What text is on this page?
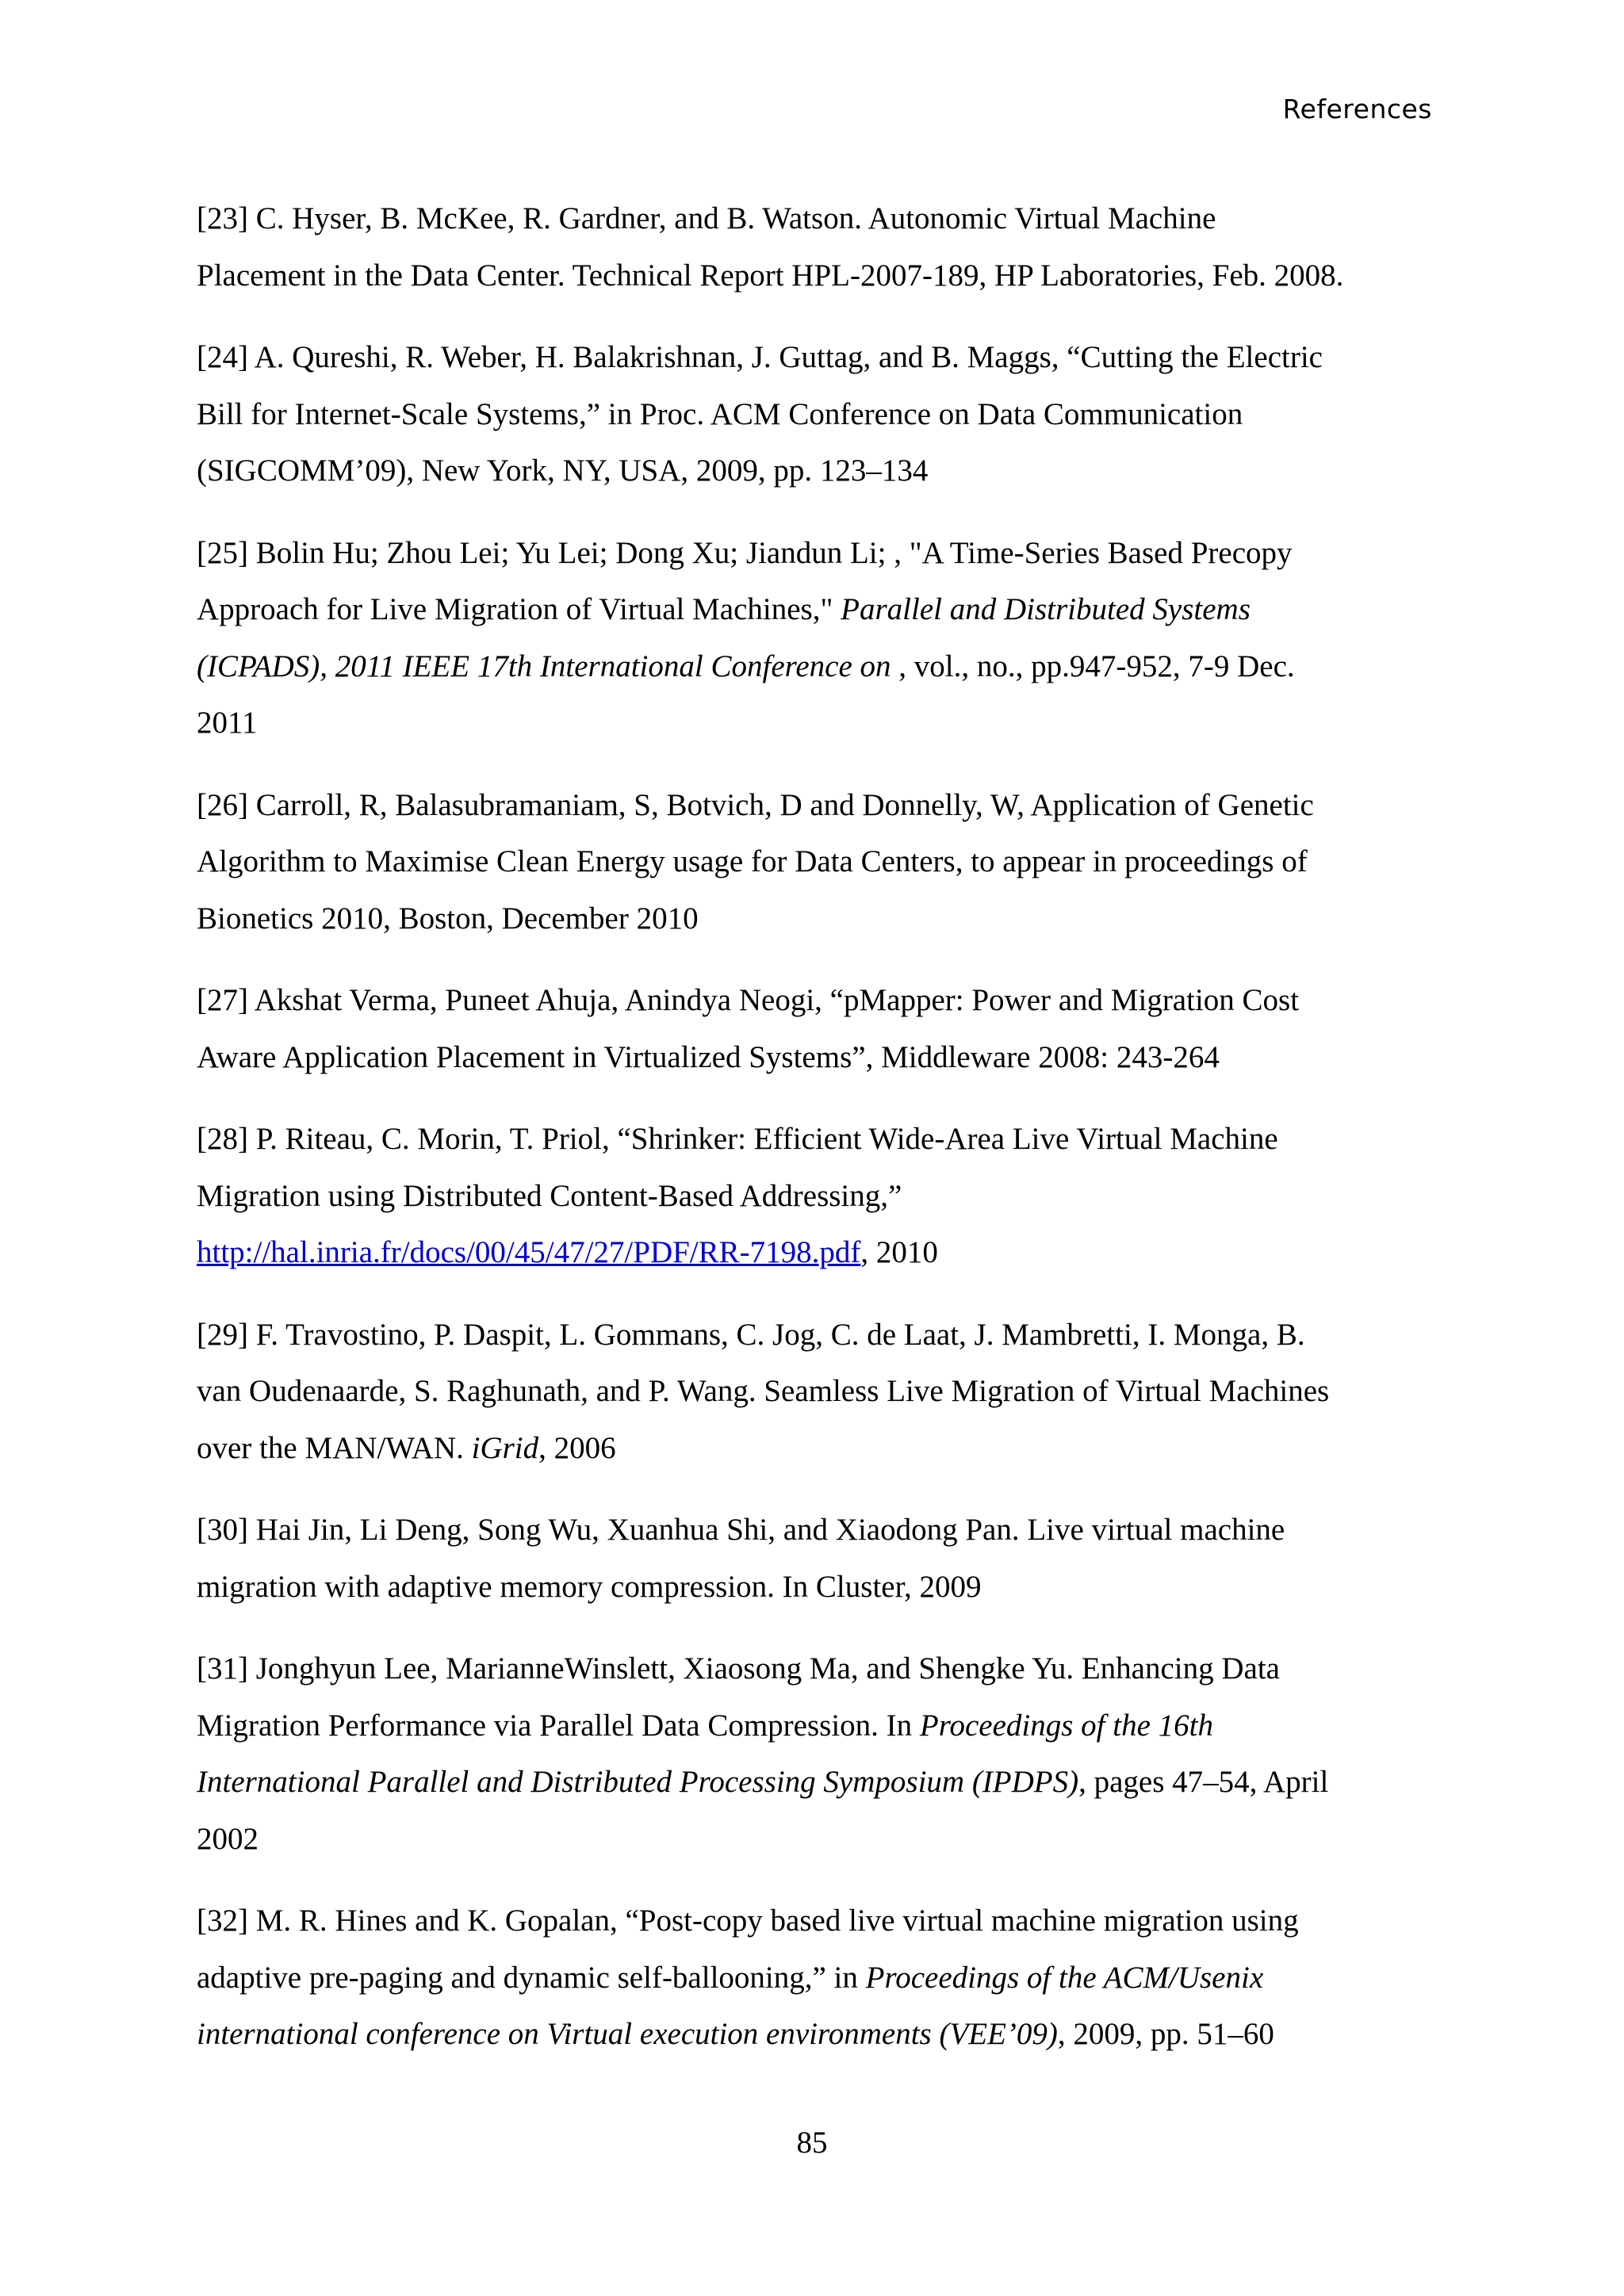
References

[23] C. Hyser, B. McKee, R. Gardner, and B. Watson. Autonomic Virtual Machine
Placement in the Data Center. Technical Report HPL-2007-189, HP Laboratories, Feb. 2008.

[24] A. Qureshi, R. Weber, H. Balakrishnan, J. Guttag, and B. Maggs, “Cutting the Electric
Bill for Internet-Scale Systems,” in Proc. ACM Conference on Data Communication
(SIGCOMM’09), New York, NY, USA, 2009, pp. 123–134

[25] Bolin Hu; Zhou Lei; Yu Lei; Dong Xu; Jiandun Li; , "A Time-Series Based Precopy
Approach for Live Migration of Virtual Machines," Parallel and Distributed Systems
(ICPADS), 2011 IEEE 17th International Conference on , vol., no., pp.947-952, 7-9 Dec.
2011

[26] Carroll, R, Balasubramaniam, S, Botvich, D and Donnelly, W, Application of Genetic
Algorithm to Maximise Clean Energy usage for Data Centers, to appear in proceedings of
Bionetics 2010, Boston, December 2010

[27] Akshat Verma, Puneet Ahuja, Anindya Neogi, “pMapper: Power and Migration Cost
Aware Application Placement in Virtualized Systems”, Middleware 2008: 243-264

[28] P. Riteau, C. Morin, T. Priol, “Shrinker: Efficient Wide-Area Live Virtual Machine
Migration using Distributed Content-Based Addressing,”
http://hal.inria.fr/docs/00/45/47/27/PDF/RR-7198.pdf, 2010

[29] F. Travostino, P. Daspit, L. Gommans, C. Jog, C. de Laat, J. Mambretti, I. Monga, B.
van Oudenaarde, S. Raghunath, and P. Wang. Seamless Live Migration of Virtual Machines
over the MAN/WAN. iGrid, 2006

[30] Hai Jin, Li Deng, Song Wu, Xuanhua Shi, and Xiaodong Pan. Live virtual machine
migration with adaptive memory compression. In Cluster, 2009

[31] Jonghyun Lee, MarianneWinslett, Xiaosong Ma, and Shengke Yu. Enhancing Data
Migration Performance via Parallel Data Compression. In Proceedings of the 16th
International Parallel and Distributed Processing Symposium (IPDPS), pages 47–54, April
2002

[32] M. R. Hines and K. Gopalan, “Post-copy based live virtual machine migration using
adaptive pre-paging and dynamic self-ballooning,” in Proceedings of the ACM/Usenix
international conference on Virtual execution environments (VEE’09), 2009, pp. 51–60

85
